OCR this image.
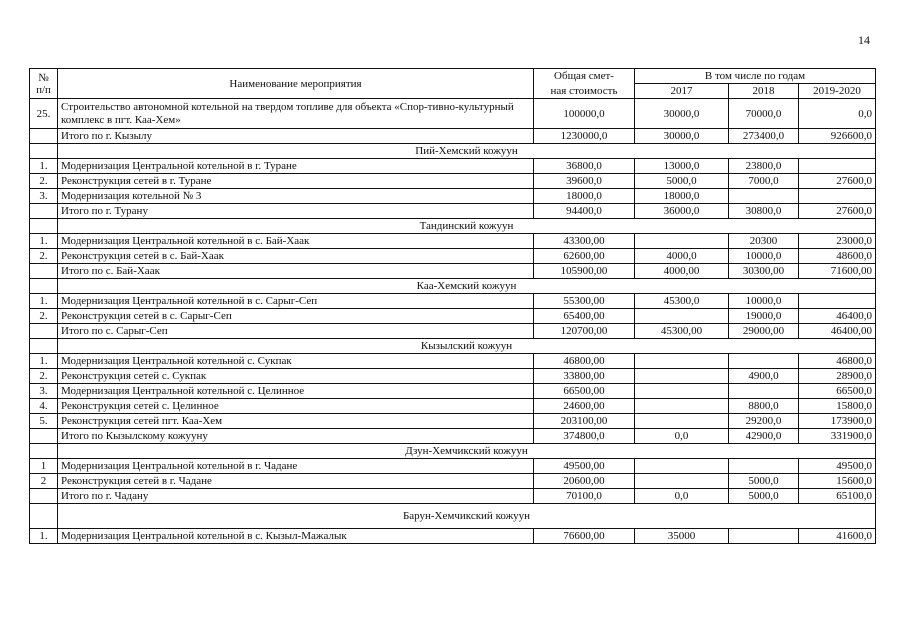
14
№
п/п	Наименование мероприятия	Общая смет-	В том числе по годам		
		ная стоимость	2017	2018	2019-2020
25.	Строительство автономной котельной на твердом топливе для объекта «Спор-тивно-культурный комплекс в пгт. Каа-Хем»	100000,0	30000,0	70000,0	0,0
	Итого по г. Кызылу	1230000,0	30000,0	273400,0	926600,0
	Пий-Хемский кожуун				
1.	Модернизация Центральной котельной в г. Туране	36800,0	13000,0	23800,0	
2.	Реконструкция сетей в г. Туране	39600,0	5000,0	7000,0	27600,0
3.	Модернизация котельной № 3	18000,0	18000,0		
	Итого по г. Турану	94400,0	36000,0	30800,0	27600,0
	Тандинский кожуун				
1.	Модернизация Центральной котельной в с. Бай-Хаак	43300,00		20300	23000,0
2.	Реконструкция сетей в с. Бай-Хаак	62600,00	4000,0	10000,0	48600,0
	Итого по с. Бай-Хаак	105900,00	4000,00	30300,00	71600,00
	Каа-Хемский кожуун				
1.	Модернизация Центральной котельной в с. Сарыг-Сеп	55300,00	45300,0	10000,0	
2.	Реконструкция сетей в с. Сарыг-Сеп	65400,00		19000,0	46400,0
	Итого по с. Сарыг-Сеп	120700,00	45300,00	29000,00	46400,00
	Кызылский кожуун				
1.	Модернизация Центральной котельной с. Сукпак	46800,00			46800,0
2.	Реконструкция сетей с. Сукпак	33800,00		4900,0	28900,0
3.	Модернизация Центральной котельной с. Целинное	66500,00			66500,0
4.	Реконструкция сетей с. Целинное	24600,00		8800,0	15800,0
5.	Реконструкция сетей пгт. Каа-Хем	203100,00		29200,0	173900,0
	Итого по Кызылскому кожууну	374800,0	0,0	42900,0	331900,0
	Дзун-Хемчикский кожуун				
1	Модернизация Центральной котельной в г. Чадане	49500,00			49500,0
2	Реконструкция сетей в г. Чадане	20600,00		5000,0	15600,0
	Итого по г. Чадану	70100,0	0,0	5000,0	65100,0
	Барун-Хемчикский кожуун				
1.	Модернизация Центральной котельной в с. Кызыл-Мажалык	76600,00	35000		41600,0
